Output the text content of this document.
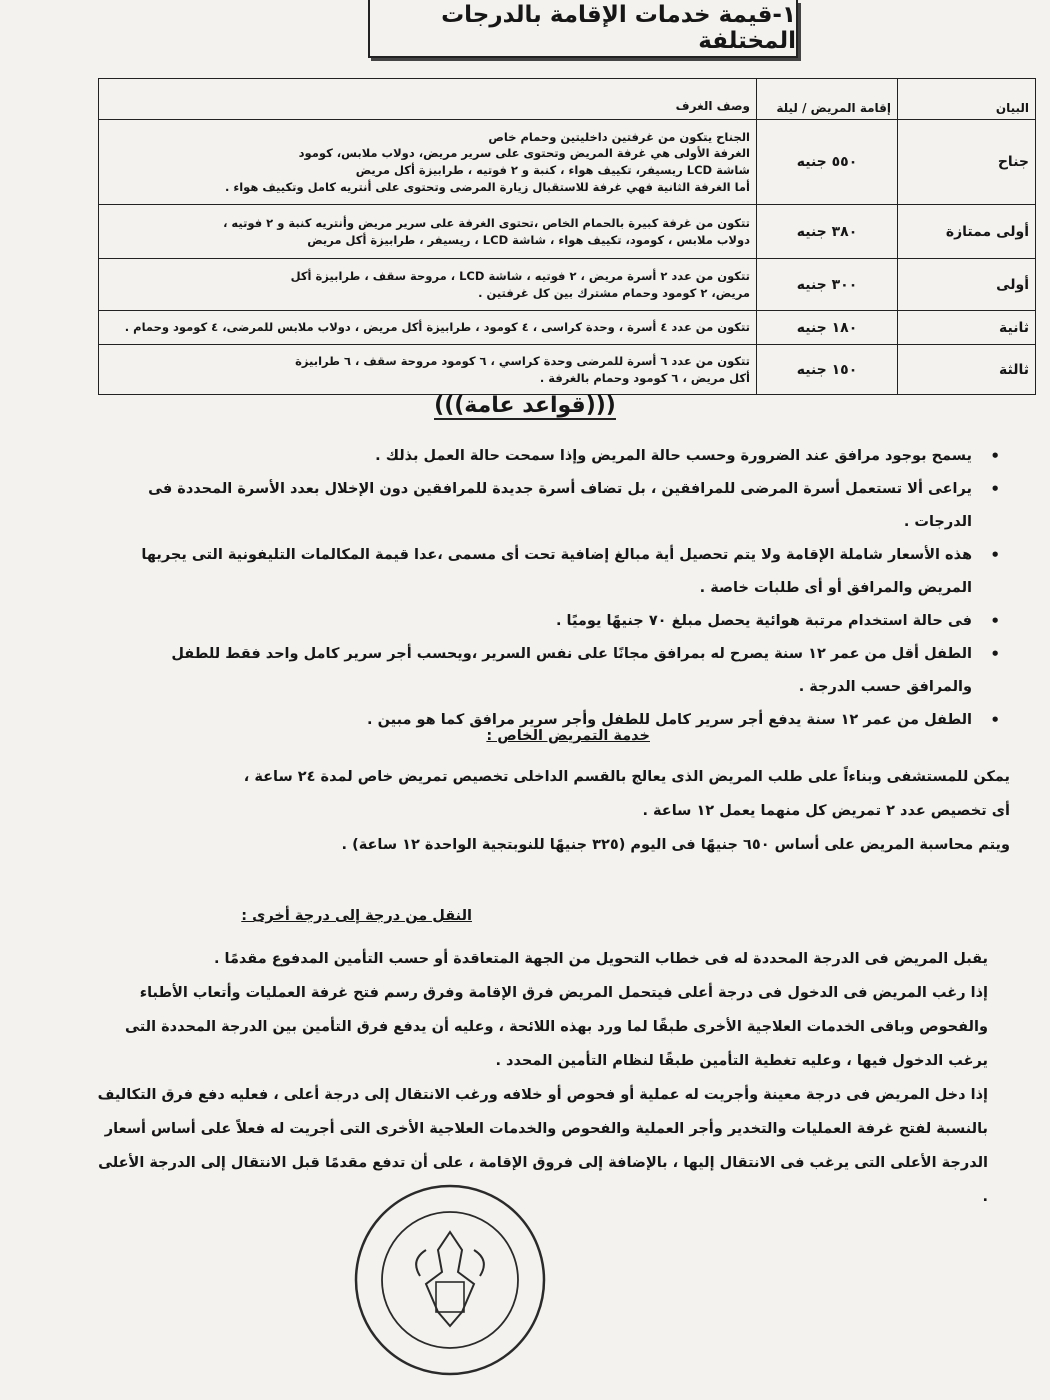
١-قيمة خدمات الإقامة بالدرجات المختلفة
البيان	إقامة المريض / ليلة	وصف الغرف
جناح	٥٥٠ جنيه	الجناح يتكون من غرفتين داخليتين وحمام خاص
الغرفة الأولى هي غرفة المريض وتحتوى على سرير مريض، دولاب ملابس، كومود
شاشة LCD ريسيفر، تكييف هواء ، كنبة و ٢ فوتيه ، طرابيزة أكل مريض
أما الغرفة الثانية فهي غرفة للاستقبال زيارة المرضى وتحتوى على أنتريه كامل وتكييف هواء .

أولى ممتازة	٣٨٠ جنيه	تتكون من غرفة كبيرة بالحمام الخاص ،تحتوى الغرفة على سرير مريض وأنتريه كنبة و ٢ فوتيه ،
دولاب ملابس ، كومود، تكييف هواء ، شاشة LCD ، ريسيفر ، طرابيزة أكل مريض

أولى	٣٠٠ جنيه	تتكون من عدد ٢ أسرة مريض ، ٢ فوتيه ، شاشة LCD ، مروحة سقف ، طرابيزة أكل
مريض، ٢ كومود وحمام مشترك بين كل غرفتين .

ثانية	١٨٠ جنيه	تتكون من عدد ٤ أسرة ، وحدة كراسى ، ٤ كومود ، طرابيزة أكل مريض ، دولاب ملابس للمرضى، ٤ كومود وحمام .

ثالثة	١٥٠ جنيه	تتكون من عدد ٦ أسرة للمرضى وحدة كراسي ، ٦ كومود مروحة سقف ، ٦ طرابيزة
أكل مريض ، ٦ كومود وحمام بالغرفة .
(((قواعد عامة)))
• يسمح بوجود مرافق عند الضرورة وحسب حالة المريض وإذا سمحت حالة العمل بذلك .
• يراعى ألا تستعمل أسرة المرضى للمرافقين ، بل تضاف أسرة جديدة للمرافقين دون الإخلال بعدد الأسرة المحددة فى الدرجات .
• هذه الأسعار شاملة الإقامة ولا يتم تحصيل أية مبالغ إضافية تحت أى مسمى ،عدا قيمة المكالمات التليفونية التى يجريها المريض والمرافق أو أى طلبات خاصة .
• فى حالة استخدام مرتبة هوائية يحصل مبلغ ٧٠ جنيهًا يوميًا .
• الطفل أقل من عمر ١٢ سنة يصرح له بمرافق مجانًا على نفس السرير ،ويحسب أجر سرير كامل واحد فقط للطفل والمرافق حسب الدرجة .
• الطفل من عمر ١٢ سنة يدفع أجر سرير كامل للطفل وأجر سرير مرافق كما هو مبين .
خدمة التمريض الخاص :
يمكن للمستشفى وبناءاً على طلب المريض الذى يعالج بالقسم الداخلى تخصيص تمريض خاص لمدة ٢٤ ساعة ،
أى تخصيص عدد ٢ تمريض كل منهما يعمل ١٢ ساعة .
ويتم محاسبة المريض على أساس ٦٥٠ جنيهًا فى اليوم (٣٢٥ جنيهًا للنوبتجية الواحدة ١٢ ساعة) .
النقل من درجة إلى درجة أخرى :
يقبل المريض فى الدرجة المحددة له فى خطاب التحويل من الجهة المتعاقدة أو حسب التأمين المدفوع مقدمًا .
إذا رغب المريض فى الدخول فى درجة أعلى فيتحمل المريض فرق الإقامة وفرق رسم فتح غرفة العمليات وأتعاب الأطباء والفحوص وباقى الخدمات العلاجية الأخرى طبقًا لما ورد بهذه اللائحة ، وعليه أن يدفع فرق التأمين بين الدرجة المحددة التى يرغب الدخول فيها ، وعليه تغطية التأمين طبقًا لنظام التأمين المحدد .
إذا دخل المريض فى درجة معينة وأجريت له عملية أو فحوص أو خلافه ورغب الانتقال إلى درجة أعلى ، فعليه دفع فرق التكاليف بالنسبة لفتح غرفة العمليات والتخدير وأجر العملية والفحوص والخدمات العلاجية الأخرى التى أجريت له فعلاً على أساس أسعار الدرجة الأعلى التى يرغب فى الانتقال إليها ، بالإضافة إلى فروق الإقامة ، على أن تدفع مقدمًا قبل الانتقال إلى الدرجة الأعلى .
